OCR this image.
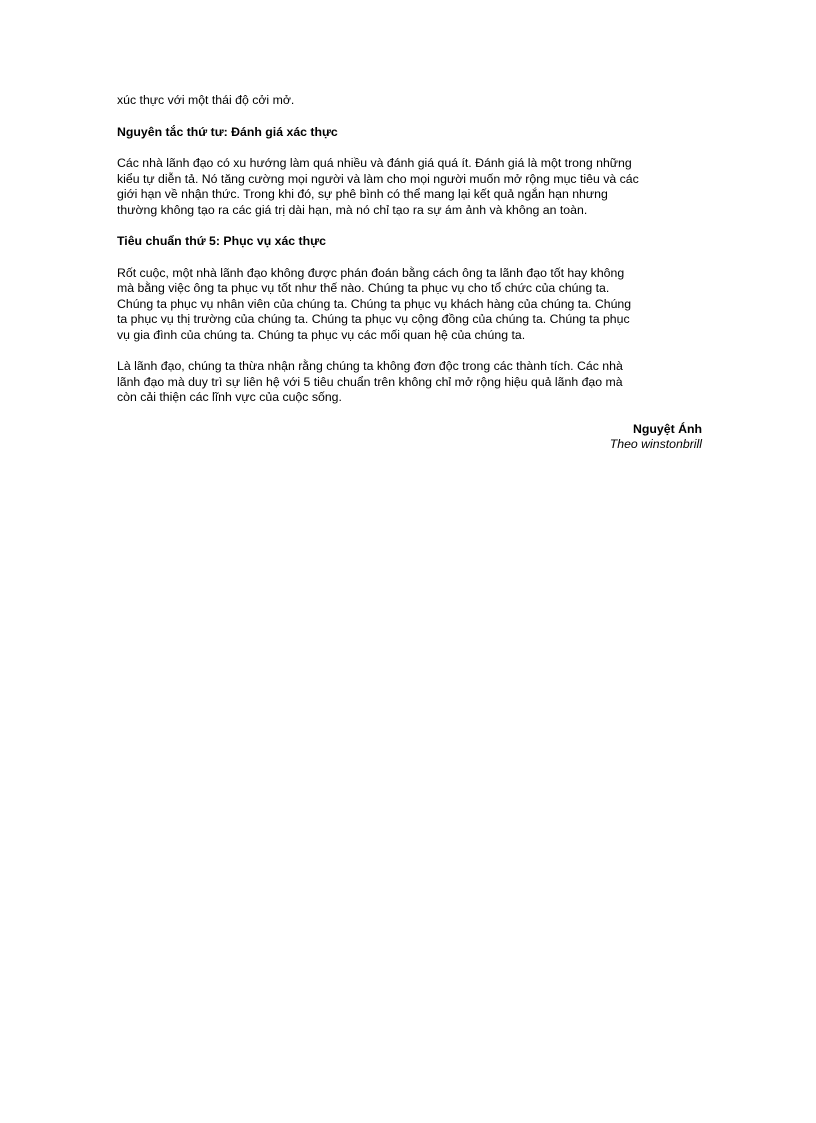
xúc thực với một thái độ cởi mở.
Nguyên tắc thứ tư: Đánh giá xác thực
Các nhà lãnh đạo có xu hướng làm quá nhiều và đánh giá quá ít. Đánh giá là một trong những
kiểu tự diễn tả. Nó tăng cường mọi người và làm cho mọi người muốn mở rộng mục tiêu và các
giới hạn về nhận thức. Trong khi đó, sự phê bình có thể mang lại kết quả ngắn hạn nhưng
thường không tạo ra các giá trị dài hạn, mà nó chỉ tạo ra sự ám ảnh và không an toàn.
Tiêu chuẩn thứ 5: Phục vụ xác thực
Rốt cuộc, một nhà lãnh đạo không được phán đoán bằng cách ông ta lãnh đạo tốt hay không
mà bằng việc ông ta phục vụ tốt như thế nào. Chúng ta phục vụ cho tổ chức của chúng ta.
Chúng ta phục vụ nhân viên của chúng ta. Chúng ta phục vụ khách hàng của chúng ta. Chúng
ta phục vụ thị trường của chúng ta. Chúng ta phục vụ cộng đồng của chúng ta. Chúng ta phục
vụ gia đình của chúng ta. Chúng ta phục vụ các mối quan hệ của chúng ta.
Là lãnh đạo, chúng ta thừa nhận rằng chúng ta không đơn độc trong các thành tích. Các nhà
lãnh đạo mà duy trì sự liên hệ với 5 tiêu chuẩn trên không chỉ mở rộng hiệu quả lãnh đạo mà
còn cải thiện các lĩnh vực của cuộc sống.
Nguyệt Ánh
Theo winstonbrill
